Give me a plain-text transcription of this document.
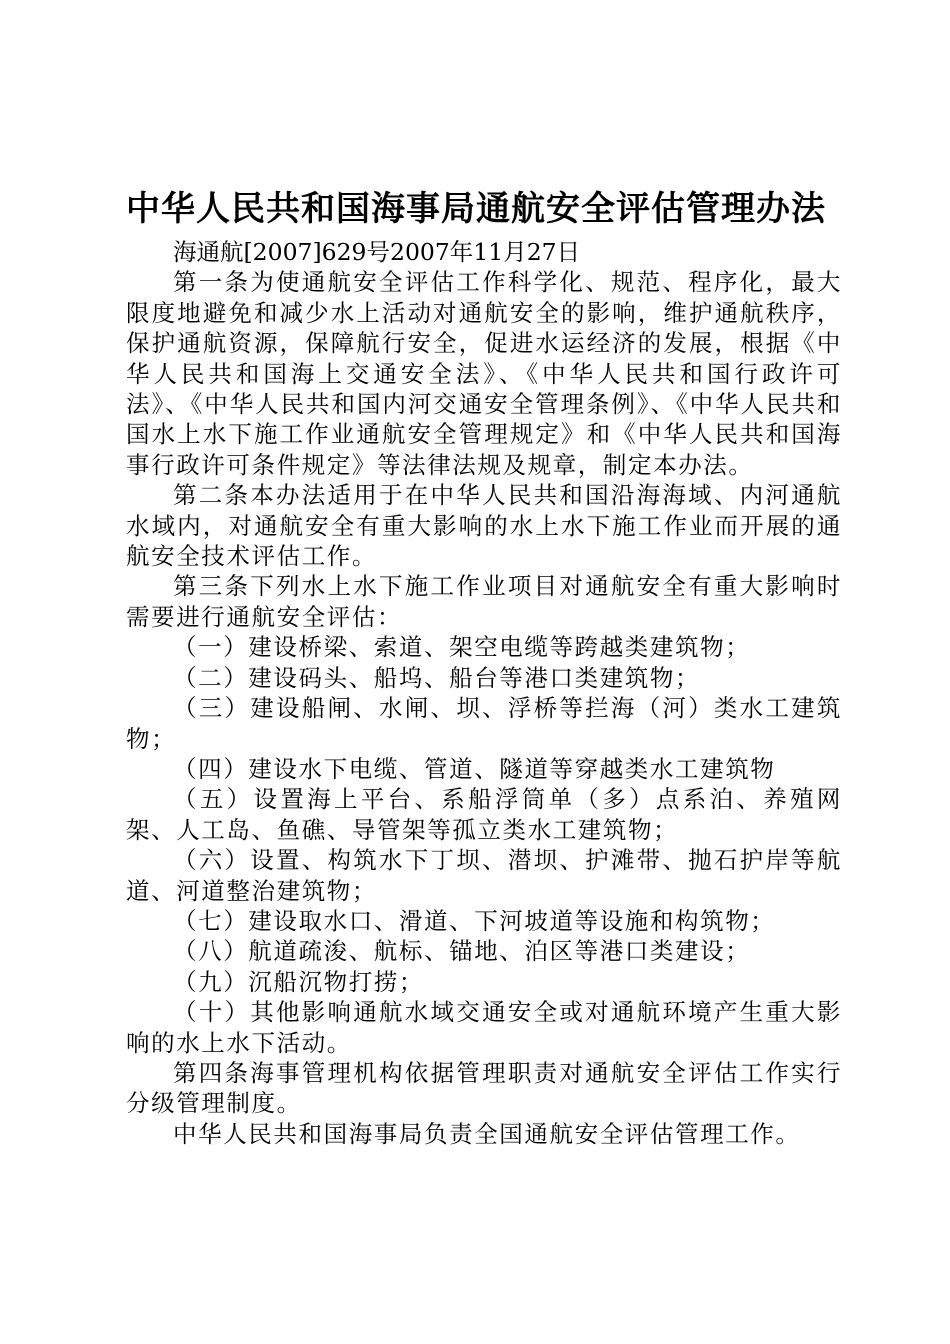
中华人民共和国海事局通航安全评估管理办法

海通航[2007]629号2007年11月27日

第一条为使通航安全评估工作科学化、规范、程序化，最大限度地避免和减少水上活动对通航安全的影响，维护通航秩序，保护通航资源，保障航行安全，促进水运经济的发展，根据《中华人民共和国海上交通安全法》、《中华人民共和国行政许可法》、《中华人民共和国内河交通安全管理条例》、《中华人民共和国水上水下施工作业通航安全管理规定》和《中华人民共和国海事行政许可条件规定》等法律法规及规章，制定本办法。

第二条本办法适用于在中华人民共和国沿海海域、内河通航水域内，对通航安全有重大影响的水上水下施工作业而开展的通航安全技术评估工作。

第三条下列水上水下施工作业项目对通航安全有重大影响时需要进行通航安全评估：

（一）建设桥梁、索道、架空电缆等跨越类建筑物；

（二）建设码头、船坞、船台等港口类建筑物；

（三）建设船闸、水闸、坝、浮桥等拦海（河）类水工建筑物；

（四）建设水下电缆、管道、隧道等穿越类水工建筑物

（五）设置海上平台、系船浮筒单（多）点系泊、养殖网架、人工岛、鱼礁、导管架等孤立类水工建筑物；

（六）设置、构筑水下丁坝、潜坝、护滩带、抛石护岸等航道、河道整治建筑物；

（七）建设取水口、滑道、下河坡道等设施和构筑物；

（八）航道疏浚、航标、锚地、泊区等港口类建设；

（九）沉船沉物打捞；

（十）其他影响通航水域交通安全或对通航环境产生重大影响的水上水下活动。

第四条海事管理机构依据管理职责对通航安全评估工作实行分级管理制度。

中华人民共和国海事局负责全国通航安全评估管理工作。
